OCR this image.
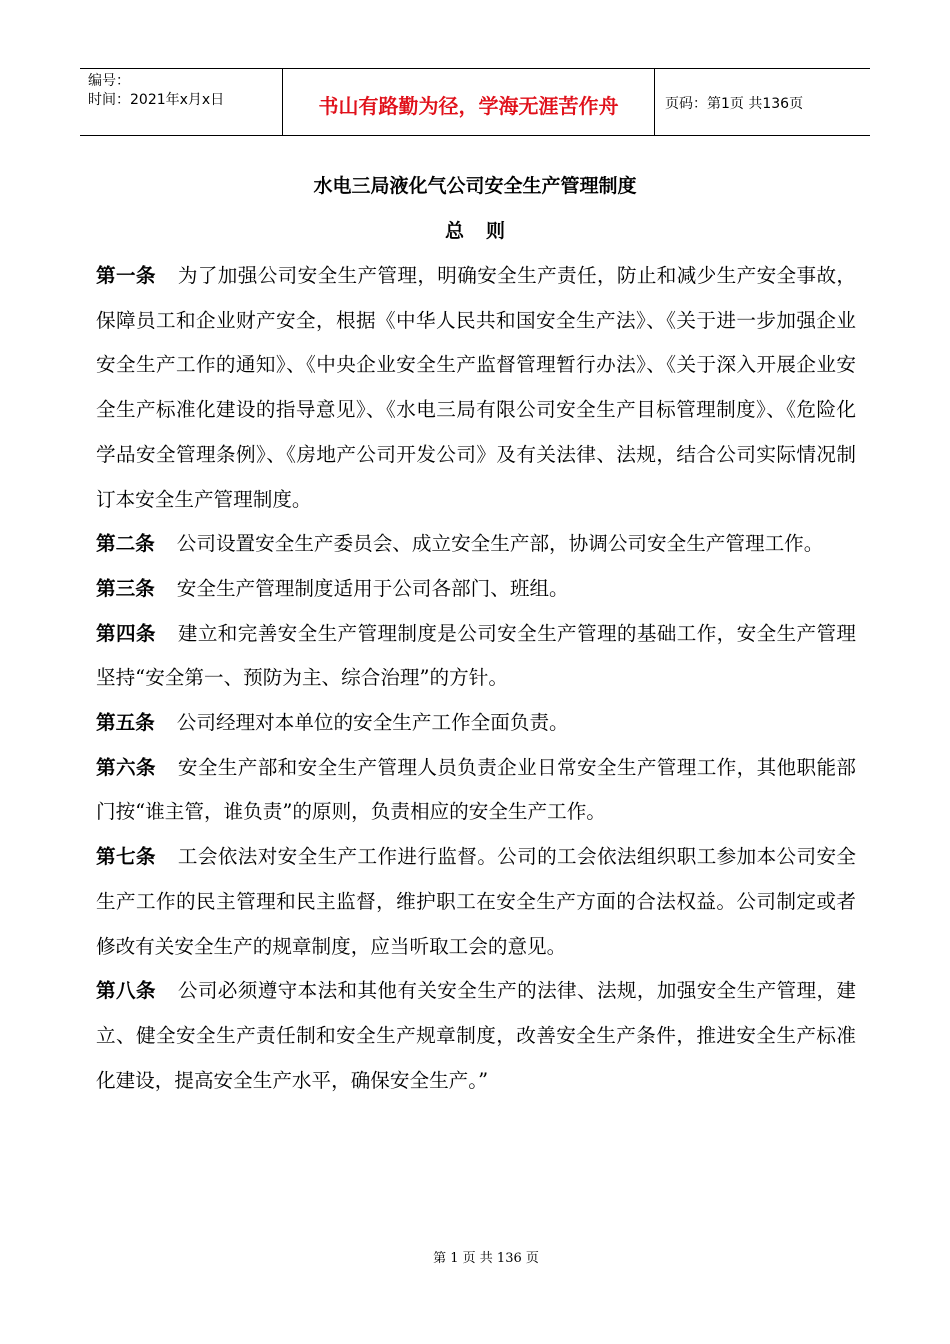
编号：
时间：2021年x月x日	书山有路勤为径，学海无涯苦作舟	页码：第1页 共136页
水电三局液化气公司安全生产管理制度
总则

第一条 为了加强公司安全生产管理，明确安全生产责任，防止和减少生产安全事故，保障员工和企业财产安全，根据《中华人民共和国安全生产法》、《关于进一步加强企业安全生产工作的通知》、《中央企业安全生产监督管理暂行办法》、《关于深入开展企业安全生产标准化建设的指导意见》、《水电三局有限公司安全生产目标管理制度》、《危险化学品安全管理条例》、《房地产公司开发公司》及有关法律、法规，结合公司实际情况制订本安全生产管理制度。

第二条 公司设置安全生产委员会、成立安全生产部，协调公司安全生产管理工作。

第三条 安全生产管理制度适用于公司各部门、班组。

第四条 建立和完善安全生产管理制度是公司安全生产管理的基础工作，安全生产管理坚持“安全第一、预防为主、综合治理”的方针。

第五条 公司经理对本单位的安全生产工作全面负责。

第六条 安全生产部和安全生产管理人员负责企业日常安全生产管理工作，其他职能部门按“谁主管，谁负责”的原则，负责相应的安全生产工作。

第七条 工会依法对安全生产工作进行监督。公司的工会依法组织职工参加本公司安全生产工作的民主管理和民主监督，维护职工在安全生产方面的合法权益。公司制定或者修改有关安全生产的规章制度，应当听取工会的意见。

第八条 公司必须遵守本法和其他有关安全生产的法律、法规，加强安全生产管理，建立、健全安全生产责任制和安全生产规章制度，改善安全生产条件，推进安全生产标准化建设，提高安全生产水平，确保安全生产。”

第 1 页 共 136 页
